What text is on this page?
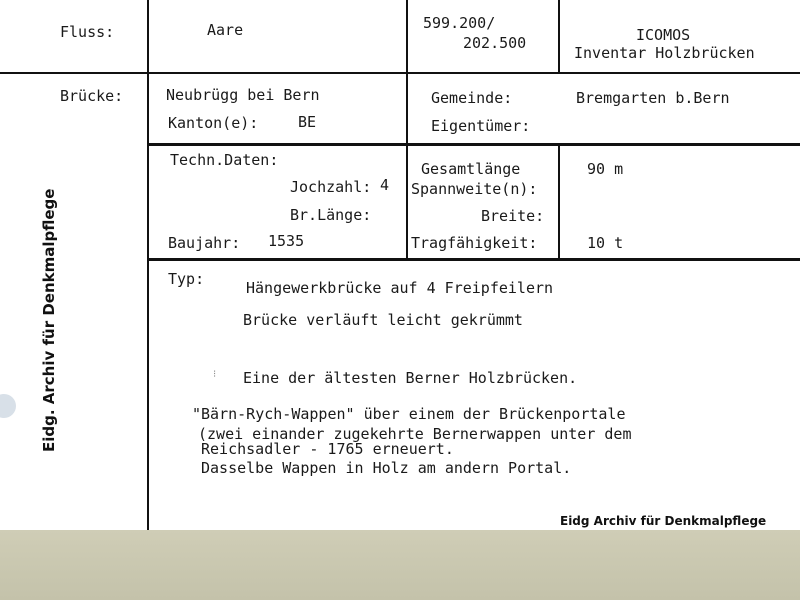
Fluss:	Aare	599.200/
202.500	ICOMOS
Inventar Holzbrücken
Brücke:	Neubrügg bei Bern
Kanton(e):	BE
Gemeinde:	Bremgarten b.Bern
Eigentümer:
Techn.Daten:
Jochzahl: 4
Br.Länge:
Baujahr: 1535
Gesamtlänge	90 m
Spannweite(n):
Breite:
Tragfähigkeit:	10 t
Typ:	Hängewerkbrücke auf 4 Freipfeilern
Brücke verläuft leicht gekrümmt
⁝ Eine der ältesten Berner Holzbrücken.
"Bärn-Rych-Wappen" über einem der Brückenportale
(zwei einander zugekehrte Bernerwappen unter dem
Reichsadler - 1765 erneuert.
Dasselbe Wappen in Holz am andern Portal.
Eidg. Archiv für Denkmalpflege
Eidg Archiv für Denkmalpflege
